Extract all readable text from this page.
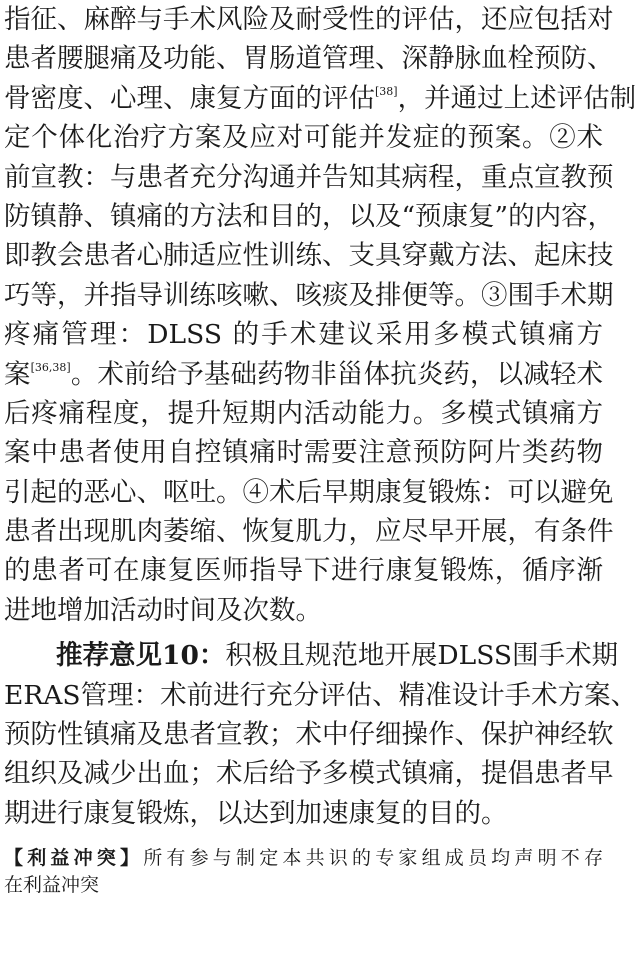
指征、麻醉与手术风险及耐受性的评估，还应包括对
患者腰腿痛及功能、胃肠道管理、深静脉血栓预防、
骨密度、心理、康复方面的评估[38]，并通过上述评估制
定个体化治疗方案及应对可能并发症的预案。②术
前宣教：与患者充分沟通并告知其病程，重点宣教预
防镇静、镇痛的方法和目的，以及“预康复”的内容，
即教会患者心肺适应性训练、支具穿戴方法、起床技
巧等，并指导训练咳嗽、咳痰及排便等。③围手术期
疼痛管理：DLSS 的手术建议采用多模式镇痛方
案[36,38]。术前给予基础药物非甾体抗炎药，以减轻术
后疼痛程度，提升短期内活动能力。多模式镇痛方
案中患者使用自控镇痛时需要注意预防阿片类药物
引起的恶心、呕吐。④术后早期康复锻炼：可以避免
患者出现肌肉萎缩、恢复肌力，应尽早开展，有条件
的患者可在康复医师指导下进行康复锻炼，循序渐
进地增加活动时间及次数。
推荐意见10：积极且规范地开展DLSS围手术期
ERAS管理：术前进行充分评估、精准设计手术方案、
预防性镇痛及患者宣教；术中仔细操作、保护神经软
组织及减少出血；术后给予多模式镇痛，提倡患者早
期进行康复锻炼，以达到加速康复的目的。
【利益冲突】所有参与制定本共识的专家组成员均声明不存
在利益冲突
